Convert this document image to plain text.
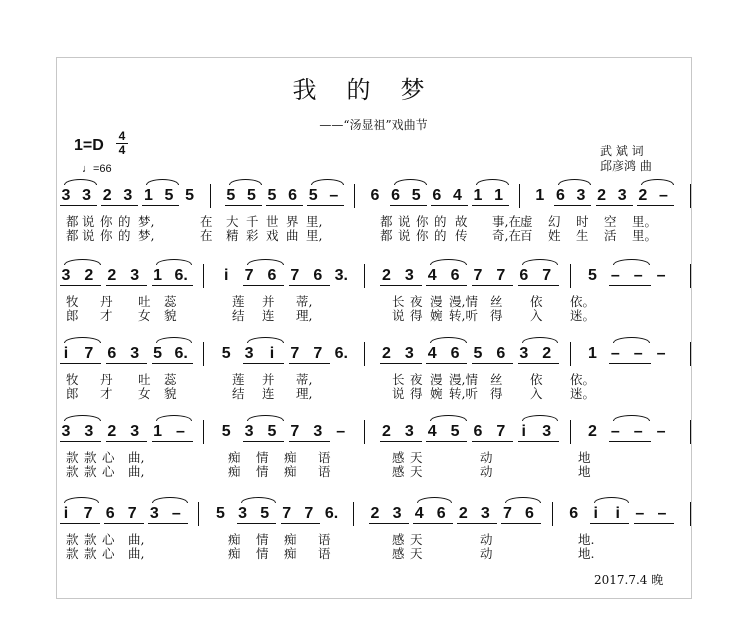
我的梦
——“汤显祖”戏曲节
1=D
4
4
♩=66
武 斌 词
邱彦鸿 曲
2017.7.4 晚
3 3 2 3 1 5 5 5 5 5 6 5 – 6 6 5 6 4 1 1 1 6 3 2 3 2 –
都 说 你 的 梦,	在 大 千 世 界 里,	都 说 你 的 故 事,在 虚 幻 时 空 里。
都 说 你 的 梦,	在 精 彩 戏 曲 里,	都 说 你 的 传 奇,在 百 姓 生 活 里。
3 2 2 3 1 6. i 7 6 7 6 3. 2 3 4 6 7 7 6 7 5 – – –
牧 丹 吐 蕊	莲 并 蒂,	长 夜 漫 漫,情 丝 依 依。
郎 才 女 貌	结 连 理,	说 得 婉 转,听 得 入 迷。
i 7 6 3 5 6. 5 3 i 7 7 6. 2 3 4 6 5 6 3 2 1 – – –
牧 丹 吐 蕊	莲 并 蒂,	长 夜 漫 漫,情 丝 依 依。
郎 才 女 貌	结 连 理,	说 得 婉 转,听 得 入 迷。
3 3 2 3 1 – 5 3 5 7 3 – 2 3 4 5 6 7 i 3 2 – – –
款 款 心 曲,	痴 情 痴 语	感 天	动	地
款 款 心 曲,	痴 情 痴 语	感 天	动	地
i 7 6 7 3 – 5 3 5 7 7 6. 2 3 4 6 2 3 7 6 6 i i – –
款 款 心 曲,	痴 情 痴 语	感 天	动	地.
款 款 心 曲,	痴 情 痴 语	感 天	动	地.
